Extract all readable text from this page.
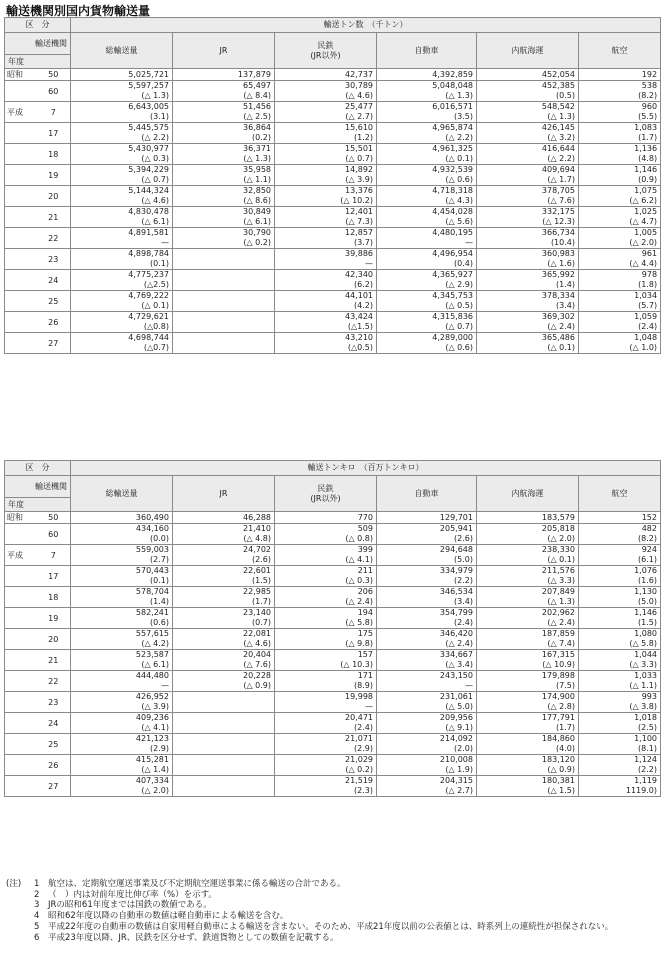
輸送機関別国内貨物輸送量
区　分		輸送トン数　（千トン）					
輸送機関		総輸送量	JR	民鉄
(JR以外)	自動車	内航海運	航空
年度							
昭和	50	5,025,721	137,879	42,737	4,392,859	452,054	192
	60	5,597,257	65,497	30,789	5,048,048	452,385	538
		(△ 1.3)	(△ 8.4)	(△ 4.6)	(△ 1.3)	(0.5)	(8.2)
平成	7	6,643,005	51,456	25,477	6,016,571	548,542	960
		(3.1)	(△ 2.5)	(△ 2.7)	(3.5)	(△ 1.3)	(5.5)
	17	5,445,575	36,864	15,610	4,965,874	426,145	1,083
		(△ 2.2)	(0.2)	(1.2)	(△ 2.2)	(△ 3.2)	(1.7)
	18	5,430,977	36,371	15,501	4,961,325	416,644	1,136
		(△ 0.3)	(△ 1.3)	(△ 0.7)	(△ 0.1)	(△ 2.2)	(4.8)
	19	5,394,229	35,958	14,892	4,932,539	409,694	1,146
		(△ 0.7)	(△ 1.1)	(△ 3.9)	(△ 0.6)	(△ 1.7)	(0.9)
	20	5,144,324	32,850	13,376	4,718,318	378,705	1,075
		(△ 4.6)	(△ 8.6)	(△ 10.2)	(△ 4.3)	(△ 7.6)	(△ 6.2)
	21	4,830,478	30,849	12,401	4,454,028	332,175	1,025
		(△ 6.1)	(△ 6.1)	(△ 7.3)	(△ 5.6)	(△ 12.3)	(△ 4.7)
	22	4,891,581	30,790	12,857	4,480,195	366,734	1,005
		—	(△ 0.2)	(3.7)	—	(10.4)	(△ 2.0)
	23	4,898,784		39,886	4,496,954	360,983	961
		(0.1)		—	(0.4)	(△ 1.6)	(△ 4.4)
	24	4,775,237		42,340	4,365,927	365,992	978
		(△2.5)		(6.2)	(△ 2.9)	(1.4)	(1.8)
	25	4,769,222		44,101	4,345,753	378,334	1,034
		(△ 0.1)		(4.2)	(△ 0.5)	(3.4)	(5.7)
	26	4,729,621		43,424	4,315,836	369,302	1,059
		(△0.8)		(△1.5)	(△ 0.7)	(△ 2.4)	(2.4)
	27	4,698,744		43,210	4,289,000	365,486	1,048
		(△0.7)		(△0.5)	(△ 0.6)	(△ 0.1)	(△ 1.0)
区　分		輸送トンキロ　（百万トンキロ）					
輸送機関		総輸送量	JR	民鉄
(JR以外)	自動車	内航海運	航空
年度							
昭和	50	360,490	46,288	770	129,701	183,579	152
	60	434,160	21,410	509	205,941	205,818	482
		(0.0)	(△ 4.8)	(△ 0.8)	(2.6)	(△ 2.0)	(8.2)
平成	7	559,003	24,702	399	294,648	238,330	924
		(2.7)	(2.6)	(△ 4.1)	(5.0)	(△ 0.1)	(6.1)
	17	570,443	22,601	211	334,979	211,576	1,076
		(0.1)	(1.5)	(△ 0.3)	(2.2)	(△ 3.3)	(1.6)
	18	578,704	22,985	206	346,534	207,849	1,130
		(1.4)	(1.7)	(△ 2.4)	(3.4)	(△ 1.3)	(5.0)
	19	582,241	23,140	194	354,799	202,962	1,146
		(0.6)	(0.7)	(△ 5.8)	(2.4)	(△ 2.4)	(1.5)
	20	557,615	22,081	175	346,420	187,859	1,080
		(△ 4.2)	(△ 4.6)	(△ 9.8)	(△ 2.4)	(△ 7.4)	(△ 5.8)
	21	523,587	20,404	157	334,667	167,315	1,044
		(△ 6.1)	(△ 7.6)	(△ 10.3)	(△ 3.4)	(△ 10.9)	(△ 3.3)
	22	444,480	20,228	171	243,150	179,898	1,033
		—	(△ 0.9)	(8.9)	—	(7.5)	(△ 1.1)
	23	426,952		19,998	231,061	174,900	993
		(△ 3.9)		—	(△ 5.0)	(△ 2.8)	(△ 3.8)
	24	409,236		20,471	209,956	177,791	1,018
		(△ 4.1)		(2.4)	(△ 9.1)	(1.7)	(2.5)
	25	421,123		21,071	214,092	184,860	1,100
		(2.9)		(2.9)	(2.0)	(4.0)	(8.1)
	26	415,281		21,029	210,008	183,120	1,124
		(△ 1.4)		(△ 0.2)	(△ 1.9)	(△ 0.9)	(2.2)
	27	407,334		21,519	204,315	180,381	1,119
		(△ 2.0)		(2.3)	(△ 2.7)	(△ 1.5)	1119.0)
(注)	1	航空は、定期航空運送事業及び不定期航空運送事業に係る輸送の合計である。
2	（　）内は対前年度比伸び率（%）を示す。
3	JRの昭和61年度までは国鉄の数値である。
4	昭和62年度以降の自動車の数値は軽自動車による輸送を含む。
5	平成22年度の自動車の数値は自家用軽自動車による輸送を含まない。そのため、平成21年度以前の公表値とは、時系列上の連続性が担保されない。
6	平成23年度以降、JR、民鉄を区分せず、鉄道貨物としての数値を記載する。
